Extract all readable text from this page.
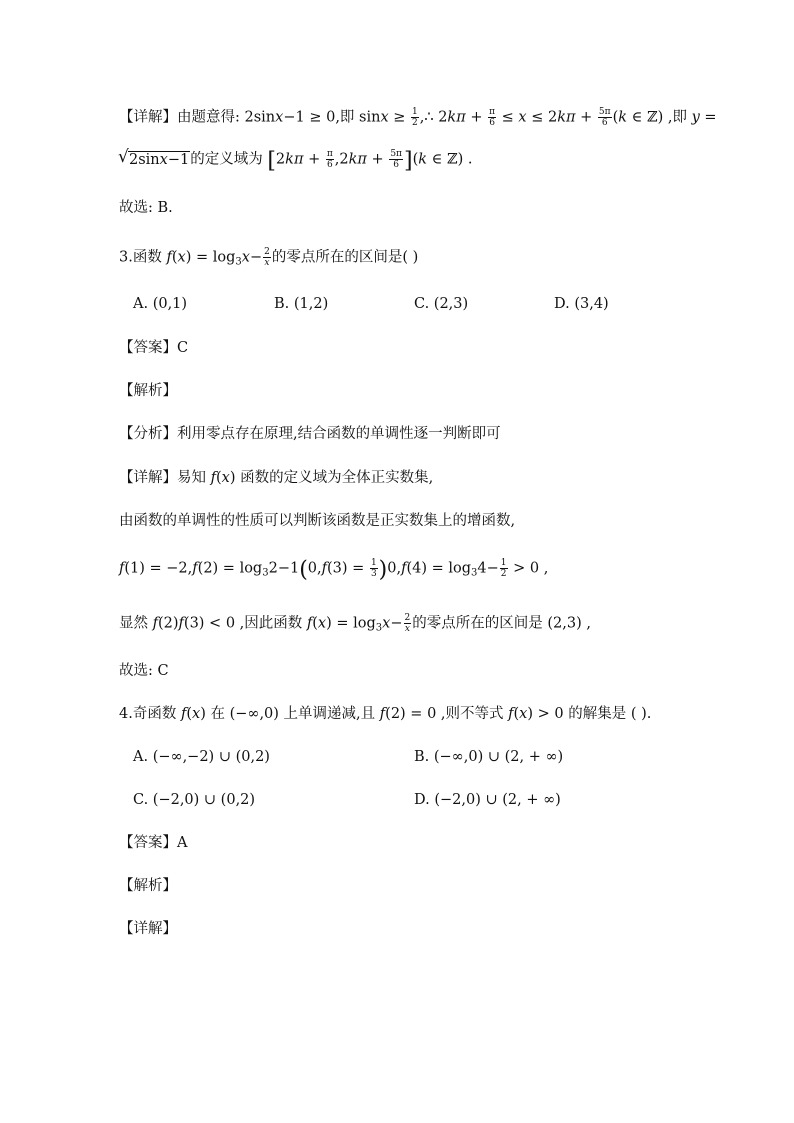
【详解】由题意得: 2sinx−1 ≥ 0,即 $\sin x \ge \frac{1}{2}$ ,∴ $2k\pi + \frac{\pi}{6} \le x \le 2k\pi + \frac{5\pi}{6} (k$ ∈ ℤ) ,即 y =
√ 2sinx−1的定义域为 $[2k\pi + \frac{\pi}{6} ,2k\pi + \frac{5\pi}{6} ](k$ ∈ ℤ) .
故选: B.
3.函数 $f(x) = \log_3x- \frac{2}{x}$ 的零点所在的区间是( )
A. (0,1)	B. (1,2)	C. (2,3)	D. (3,4)
【答案】C
【解析】
【分析】利用零点存在原理,结合函数的单调性逐一判断即可
【详解】易知 f(x) 函数的定义域为全体正实数集,
由函数的单调性的性质可以判断该函数是正实数集上的增函数,
$f(1) = -2,f(2) = \log_32-1(0,f(3) = \frac{1}{3} )0,f(4) = \log_34- \frac{1}{2} > 0$ ,
显然 f(2)f(3) < 0 ,因此函数 $f(x) = \log_3x- \frac{2}{x}$ 的零点所在的区间是 (2,3) ,
故选: C
4.奇函数 f(x) 在 (−∞,0) 上单调递减,且 f(2) = 0 ,则不等式 f(x) > 0 的解集是 ( ).
A. (−∞,−2) ∪ (0,2)	B. (−∞,0) ∪ (2, + ∞)
C. (−2,0) ∪ (0,2)	D. (−2,0) ∪ (2, + ∞)
【答案】A
【解析】
【详解】
